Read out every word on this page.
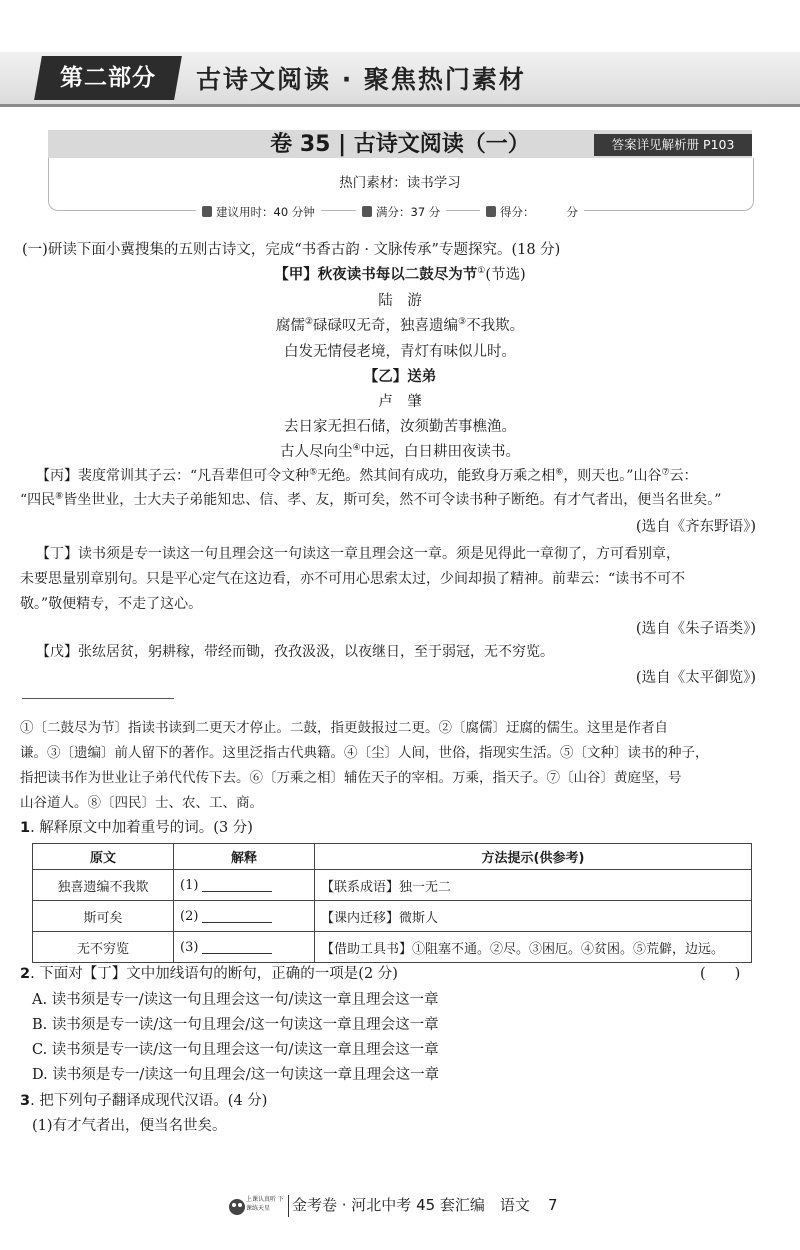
第二部分	古诗文阅读 · 聚焦热门素材
卷 35 | 古诗文阅读（一）	答案详见解析册 P103
热门素材：读书学习
建议用时：40 分钟	满分：37 分	得分：	分
(一)研读下面小冀搜集的五则古诗文，完成“书香古韵 · 文脉传承”专题探究。(18 分)
【甲】秋夜读书每以二鼓尽为节①(节选)
陆　游
腐儒②碌碌叹无奇，独喜遗编③不我欺。
白发无情侵老境，青灯有味似儿时。
【乙】送弟
卢　肇
去日家无担石储，汝须勤苦事樵渔。
古人尽向尘④中远，白日耕田夜读书。
【丙】裴度常训其子云：“凡吾辈但可令文种⑤无绝。然其间有成功，能致身万乘之相⑥，则天也。”山谷⑦云：
“四民⑧皆坐世业，士大夫子弟能知忠、信、孝、友，斯可矣，然不可令读书种子断绝。有才气者出，便当名世矣。”
(选自《齐东野语》)
【丁】读书须是专一读这一句且理会这一句读这一章且理会这一章。须是见得此一章彻了，方可看别章，
未要思量别章别句。只是平心定气在这边看，亦不可用心思索太过，少间却损了精神。前辈云：“读书不可不
敬。”敬便精专，不走了这心。
(选自《朱子语类》)
【戊】张纮居贫，躬耕稼，带经而锄，孜孜汲汲，以夜继日，至于弱冠，无不穷览。
(选自《太平御览》)
①〔二鼓尽为节〕指读书读到二更天才停止。二鼓，指更鼓报过二更。②〔腐儒〕迂腐的儒生。这里是作者自
谦。③〔遗编〕前人留下的著作。这里泛指古代典籍。④〔尘〕人间，世俗，指现实生活。⑤〔文种〕读书的种子，
指把读书作为世业让子弟代代传下去。⑥〔万乘之相〕辅佐天子的宰相。万乘，指天子。⑦〔山谷〕黄庭坚，号
山谷道人。⑧〔四民〕士、农、工、商。
1. 解释原文中加着重号的词。(3 分)
原文	解释	方法提示(供参考)
独喜遗编不我欺	(1)	【联系成语】独一无二
斯可矣	(2)	【课内迁移】微斯人
无不穷览	(3)	【借助工具书】①阻塞不通。②尽。③困厄。④贫困。⑤荒僻，边远。
2. 下面对【丁】文中加线语句的断句，正确的一项是(2 分)	(　　)
A. 读书须是专一/读这一句且理会这一句/读这一章且理会这一章
B. 读书须是专一读/这一句且理会/这一句读这一章且理会这一章
C. 读书须是专一读/这一句且理会这一句/读这一章且理会这一章
D. 读书须是专一/读这一句且理会/这一句读这一章且理会这一章
3. 把下列句子翻译成现代汉语。(4 分)
(1)有才气者出，便当名世矣。
上课认真听 下课练天星	金考卷 · 河北中考 45 套汇编　语文 7
